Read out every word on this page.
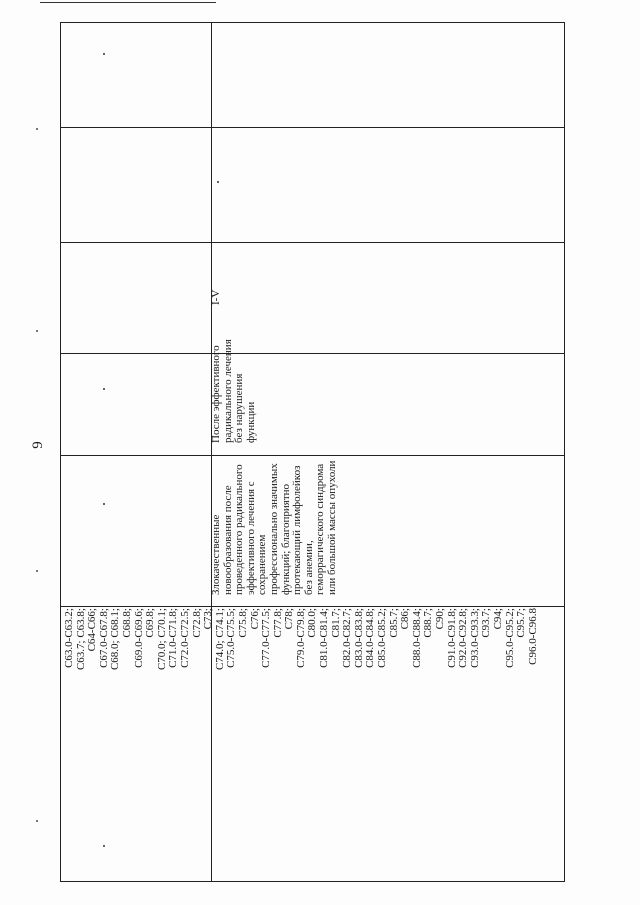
9
C63.0-C63.2; C63.7; C63.8; C64-C66; C67.0-C67.8; C68.0; C68.1; C68.8; C69.0-C69.6; C69.8; C70.0; C70.1; C71.0-C71.8; C72.0-C72.5; C72.8; C73; C74.0; C74.1; C75.0-C75.5; C75.8; C76; C77.0-C77.5; C77.8; C78; C79.0-C79.8; C80.0; C81.0-C81.4; C81.7; C82.0-C82.7; C83.0-C83.8; C84.0-C84.8; C85.0-C85.2; C85.7; C86; C88.0-C88.4; C88.7; C90; C91.0-C91.8; C92.0-C92.8; C93.0-C93.3; C93.7; C94; C95.0-C95.2; C95.7; C96.0-C96.8
Злокачественные новообразования после проведенного радикального эффективного лечения с сохранением профессионально значимых функций; благоприятно протекающий лимфолейкоз без анемии, геморрагического синдрома или большой массы опухоли
После эффективного радикального лечения без нарушения функции
I-V
